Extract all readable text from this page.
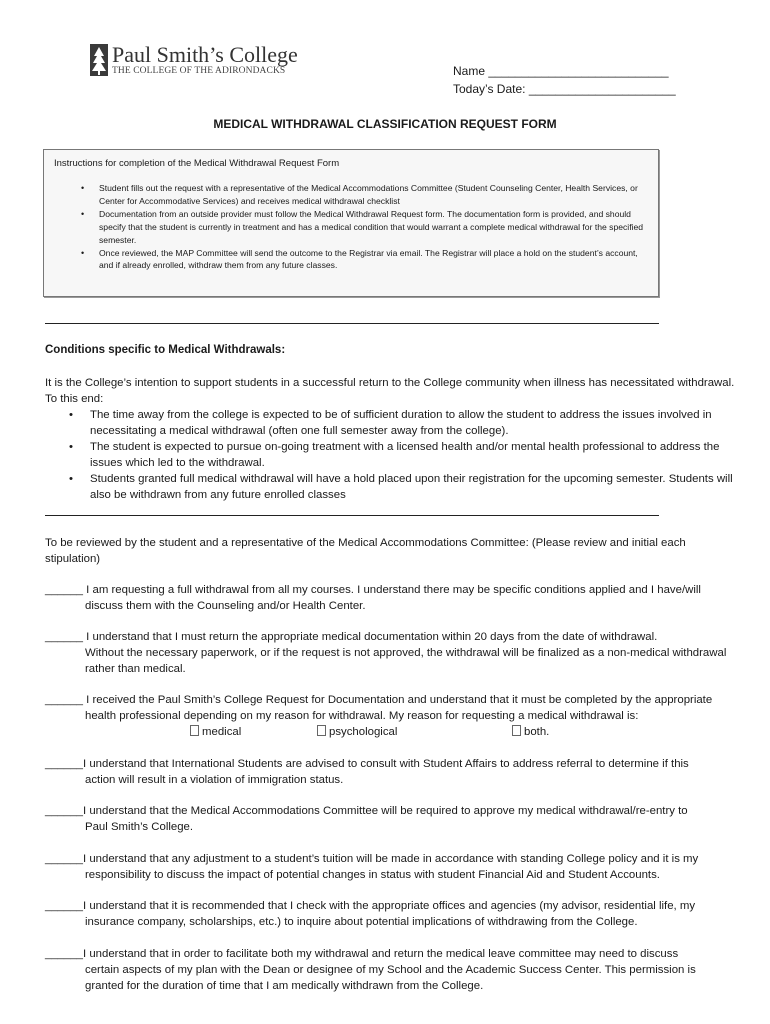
Paul Smith’s College
THE COLLEGE OF THE ADIRONDACKS	Name ___________________________
Today’s Date: ______________________
MEDICAL WITHDRAWAL CLASSIFICATION REQUEST FORM
Instructions for completion of the Medical Withdrawal Request Form
• Student fills out the request with a representative of the Medical Accommodations Committee (Student Counseling Center, Health Services, or Center for Accommodative Services) and receives medical withdrawal checklist
• Documentation from an outside provider must follow the Medical Withdrawal Request form. The documentation form is provided, and should specify that the student is currently in treatment and has a medical condition that would warrant a complete medical withdrawal for the specified semester.
• Once reviewed, the MAP Committee will send the outcome to the Registrar via email. The Registrar will place a hold on the student’s account, and if already enrolled, withdraw them from any future classes.
Conditions specific to Medical Withdrawals:
It is the College’s intention to support students in a successful return to the College community when illness has necessitated withdrawal. To this end:
• The time away from the college is expected to be of sufficient duration to allow the student to address the issues involved in necessitating a medical withdrawal (often one full semester away from the college).
• The student is expected to pursue on-going treatment with a licensed health and/or mental health professional to address the issues which led to the withdrawal.
• Students granted full medical withdrawal will have a hold placed upon their registration for the upcoming semester. Students will also be withdrawn from any future enrolled classes
To be reviewed by the student and a representative of the Medical Accommodations Committee: (Please review and initial each stipulation)
______ I am requesting a full withdrawal from all my courses. I understand there may be specific conditions applied and I have/will
discuss them with the Counseling and/or Health Center.
______ I understand that I must return the appropriate medical documentation within 20 days from the date of withdrawal.
Without the necessary paperwork, or if the request is not approved, the withdrawal will be finalized as a non-medical withdrawal rather than medical.
______ I received the Paul Smith’s College Request for Documentation and understand that it must be completed by the appropriate
health professional depending on my reason for withdrawal. My reason for requesting a medical withdrawal is:
medical	psychological	both.
______I understand that International Students are advised to consult with Student Affairs to address referral to determine if this
action will result in a violation of immigration status.
______I understand that the Medical Accommodations Committee will be required to approve my medical withdrawal/re-entry to
Paul Smith’s College.
______I understand that any adjustment to a student’s tuition will be made in accordance with standing College policy and it is my
responsibility to discuss the impact of potential changes in status with student Financial Aid and Student Accounts.
______I understand that it is recommended that I check with the appropriate offices and agencies (my advisor, residential life, my
insurance company, scholarships, etc.) to inquire about potential implications of withdrawing from the College.
______I understand that in order to facilitate both my withdrawal and return the medical leave committee may need to discuss
certain aspects of my plan with the Dean or designee of my School and the Academic Success Center. This permission is granted for the duration of time that I am medically withdrawn from the College.
